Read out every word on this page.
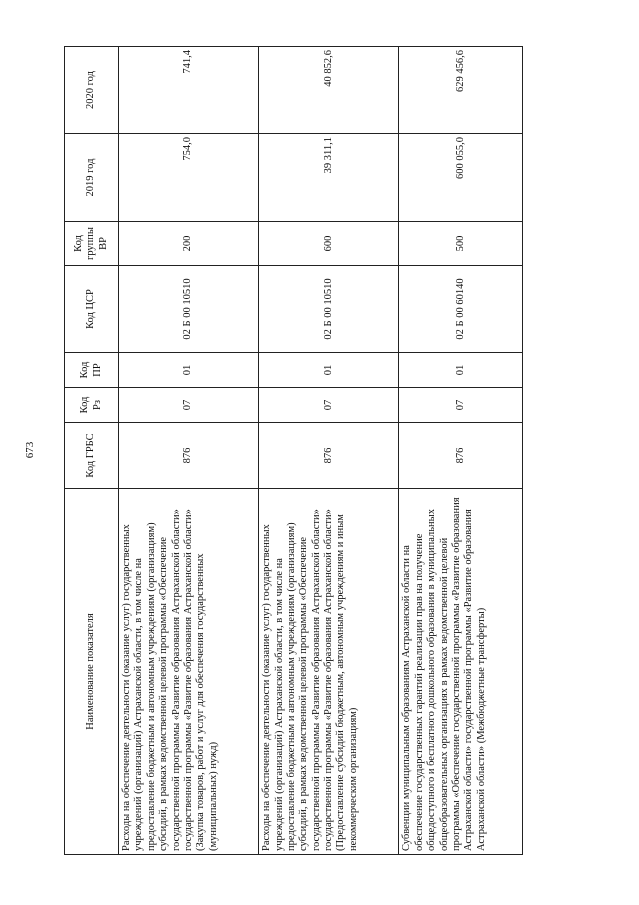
673
Наименование показателя	Код ГРБС	Код Рз	Код ПР	Код ЦСР	Код группы ВР	2019 год	2020 год
Расходы на обеспечение деятельности (оказание услуг) государственных учреждений (организаций) Астраханской области, в том числе на предоставление бюджетным и автономным учреждениям (организациям) субсидий, в рамках ведомственной целевой программы «Обеспечение государственной программы «Развитие образования Астраханской области» государственной программы «Развитие образования Астраханской области» (Закупка товаров, работ и услуг для обеспечения государственных (муниципальных) нужд)	876	07	01	02 Б 00 10510	200	754,0	741,4
Расходы на обеспечение деятельности (оказание услуг) государственных учреждений (организаций) Астраханской области, в том числе на предоставление бюджетным и автономным учреждениям (организациям) субсидий, в рамках ведомственной целевой программы «Обеспечение государственной программы «Развитие образования Астраханской области» государственной программы «Развитие образования Астраханской области» (Предоставление субсидий бюджетным, автономным учреждениям и иным некоммерческим организациям)	876	07	01	02 Б 00 10510	600	39 311,1	40 852,6
Субвенции муниципальным образованиям Астраханской области на обеспечение государственных гарантий реализации прав на получение общедоступного и бесплатного дошкольного образования в муниципальных общеобразовательных организациях в рамках ведомственной целевой программы «Обеспечение государственной программы «Развитие образования Астраханской области» государственной программы «Развитие образования Астраханской области» (Межбюджетные трансферты)	876	07	01	02 Б 00 60140	500	600 055,0	629 456,6
